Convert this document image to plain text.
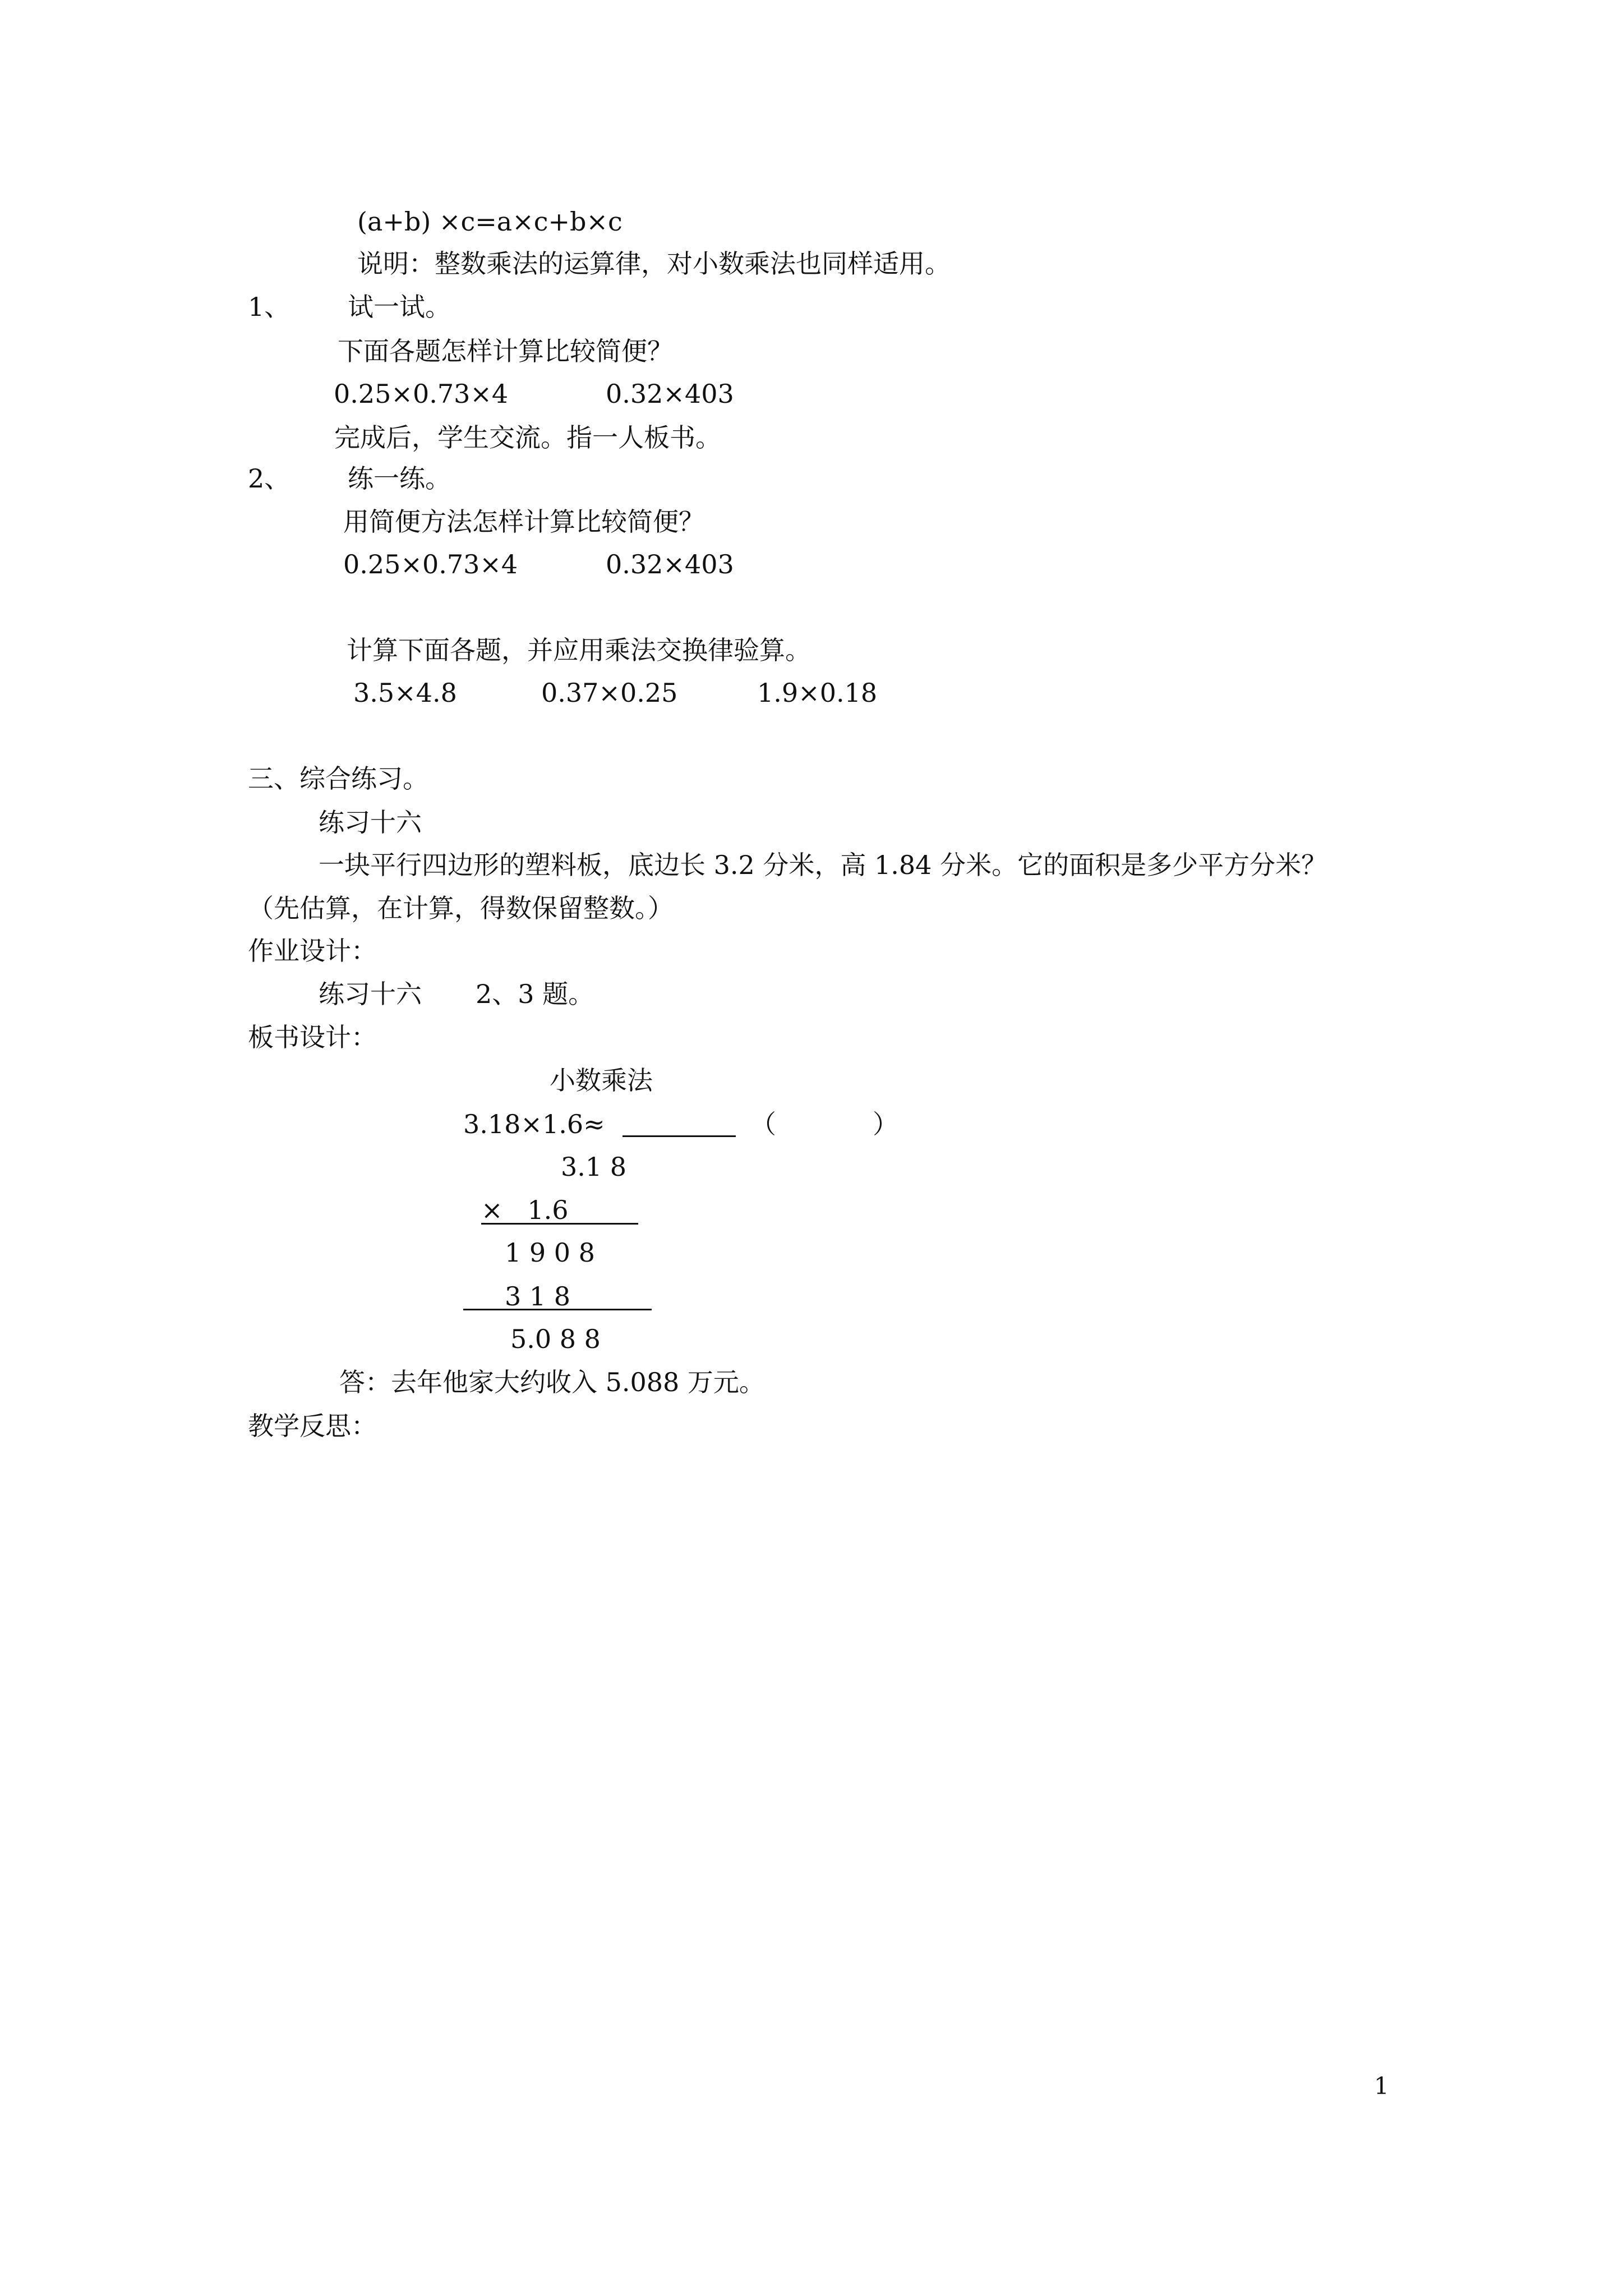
(a+b) ×c=a×c+b×c
说明：整数乘法的运算律，对小数乘法也同样适用。
1、 试一试。
下面各题怎样计算比较简便？
0.25×0.73×4	0.32×403
完成后，学生交流。指一人板书。
2、 练一练。
用简便方法怎样计算比较简便？
0.25×0.73×4	0.32×403
计算下面各题，并应用乘法交换律验算。
3.5×4.8	0.37×0.25	1.9×0.18
三、综合练习。
练习十六
一块平行四边形的塑料板，底边长 3.2 分米，高 1.84 分米。它的面积是多少平方分米？
（先估算，在计算，得数保留整数。）
作业设计：
练习十六 2、3 题。
板书设计：
小数乘法
3.18×1.6≈	（	）
3.1 8
×   1.6
1 9 0 8
3 1 8
5.0 8 8
答：去年他家大约收入 5.088 万元。
教学反思：
1
